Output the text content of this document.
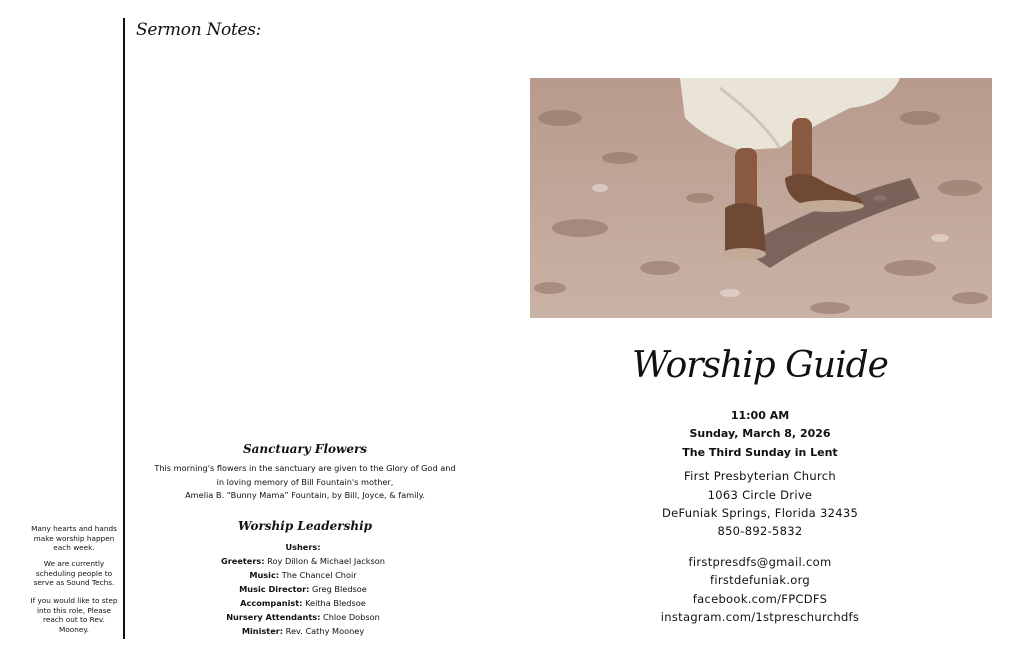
Sermon Notes:
Many hearts and hands make worship happen each week.
We are currently scheduling people to serve as Sound Techs.
If you would like to step into this role, Please reach out to Rev. Mooney.
Sanctuary Flowers
This morning's flowers in the sanctuary are given to the Glory of God and
in loving memory of Bill Fountain's mother,
Amelia B. “Bunny Mama” Fountain, by Bill, Joyce, & family.
Worship Leadership
Ushers:
Greeters: Roy Dillon & Michael Jackson
Music: The Chancel Choir
Music Director: Greg Bledsoe
Accompanist: Keitha Bledsoe
Nursery Attendants: Chloe Dobson
Minister: Rev. Cathy Mooney
Worship Guide
11:00 AM
Sunday, March 8, 2026
The Third Sunday in Lent
First Presbyterian Church
1063 Circle Drive
DeFuniak Springs, Florida 32435
850-892-5832
firstpresdfs@gmail.com
firstdefuniak.org
facebook.com/FPCDFS
instagram.com/1stpreschurchdfs
